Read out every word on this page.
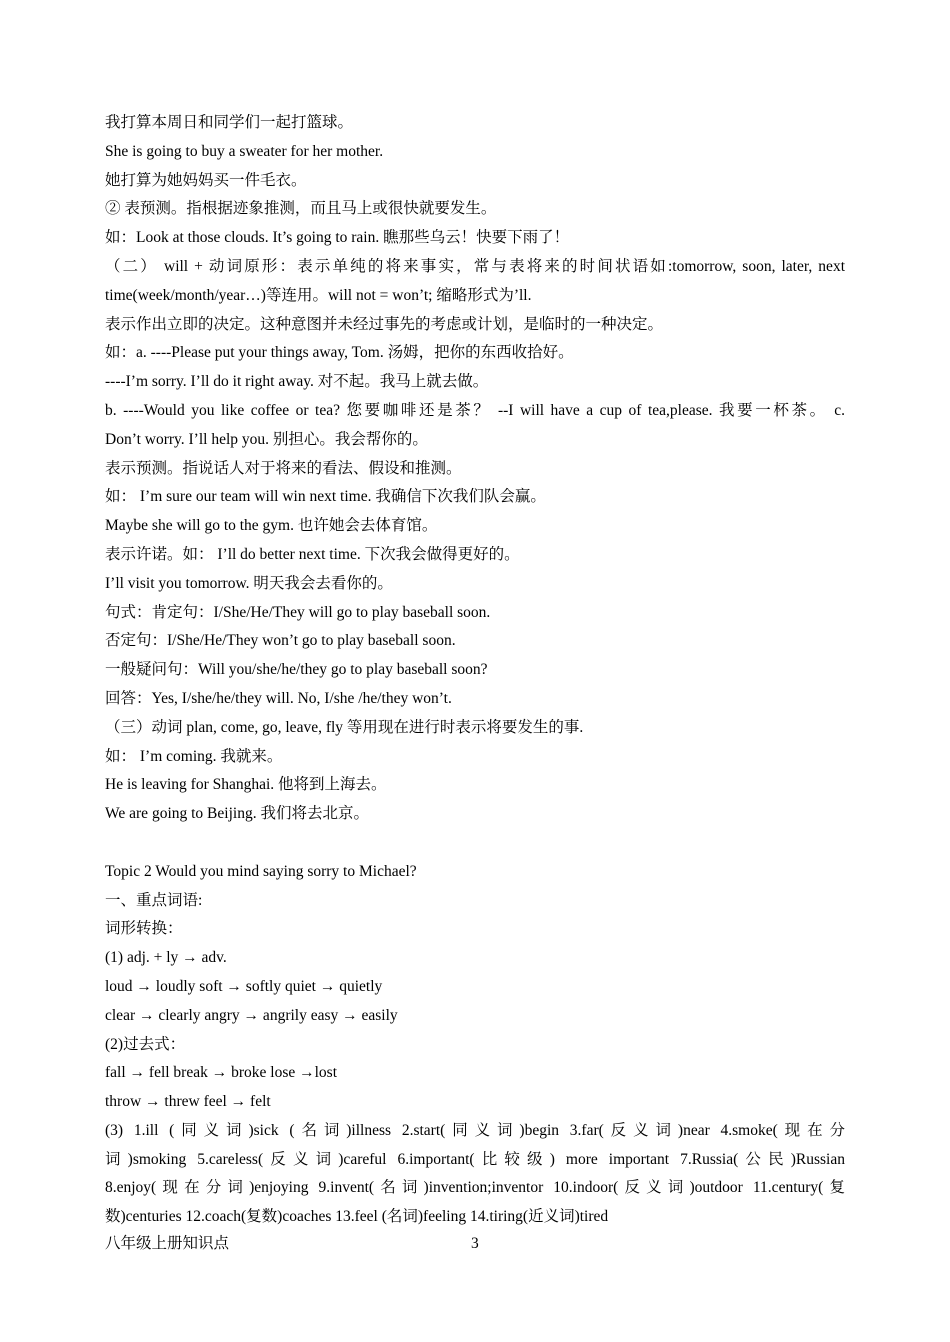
我打算本周日和同学们一起打篮球。
She is going to buy a sweater for her mother.
她打算为她妈妈买一件毛衣。
② 表预测。指根据迹象推测，而且马上或很快就要发生。
如：Look at those clouds. It’s going to rain. 瞧那些乌云！快要下雨了！
（二） will + 动词原形：表示单纯的将来事实，常与表将来的时间状语如:tomorrow, soon, later, next
time(week/month/year…)等连用。will not = won’t; 缩略形式为’ll.
表示作出立即的决定。这种意图并未经过事先的考虑或计划，是临时的一种决定。
如：a. ----Please put your things away, Tom. 汤姆，把你的东西收拾好。
----I’m sorry. I’ll do it right away. 对不起。我马上就去做。
b. ----Would you like coffee or tea? 您要咖啡还是茶？ --I will have a cup of tea,please. 我要一杯茶。 c.
Don’t worry. I’ll help you. 别担心。我会帮你的。
表示预测。指说话人对于将来的看法、假设和推测。
如： I’m sure our team will win next time. 我确信下次我们队会赢。
Maybe she will go to the gym. 也许她会去体育馆。
表示许诺。如： I’ll do better next time. 下次我会做得更好的。
I’ll visit you tomorrow. 明天我会去看你的。
句式：肯定句：I/She/He/They will go to play baseball soon.
否定句：I/She/He/They won’t go to play baseball soon.
一般疑问句：Will you/she/he/they go to play baseball soon?
回答：Yes, I/she/he/they will. No, I/she /he/they won’t.
（三）动词 plan, come, go, leave, fly 等用现在进行时表示将要发生的事.
如： I’m coming. 我就来。
He is leaving for Shanghai. 他将到上海去。
We are going to Beijing. 我们将去北京。
Topic 2 Would you mind saying sorry to Michael?
一、重点词语:
词形转换：
(1) adj. + ly → adv.
loud → loudly soft → softly quiet → quietly
clear → clearly angry → angrily easy → easily
(2)过去式：
fall → fell break → broke lose →lost
throw → threw feel → felt
(3) 1.ill (同义词)sick (名词)illness 2.start(同义词)begin 3.far(反义词)near 4.smoke(现在分
词)smoking 5.careless(反义词)careful 6.important(比较级) more important 7.Russia(公民)Russian
8.enjoy(现在分词)enjoying 9.invent(名词)invention;inventor 10.indoor(反义词)outdoor 11.century(复
数)centuries 12.coach(复数)coaches 13.feel (名词)feeling 14.tiring(近义词)tired
八年级上册知识点	3
